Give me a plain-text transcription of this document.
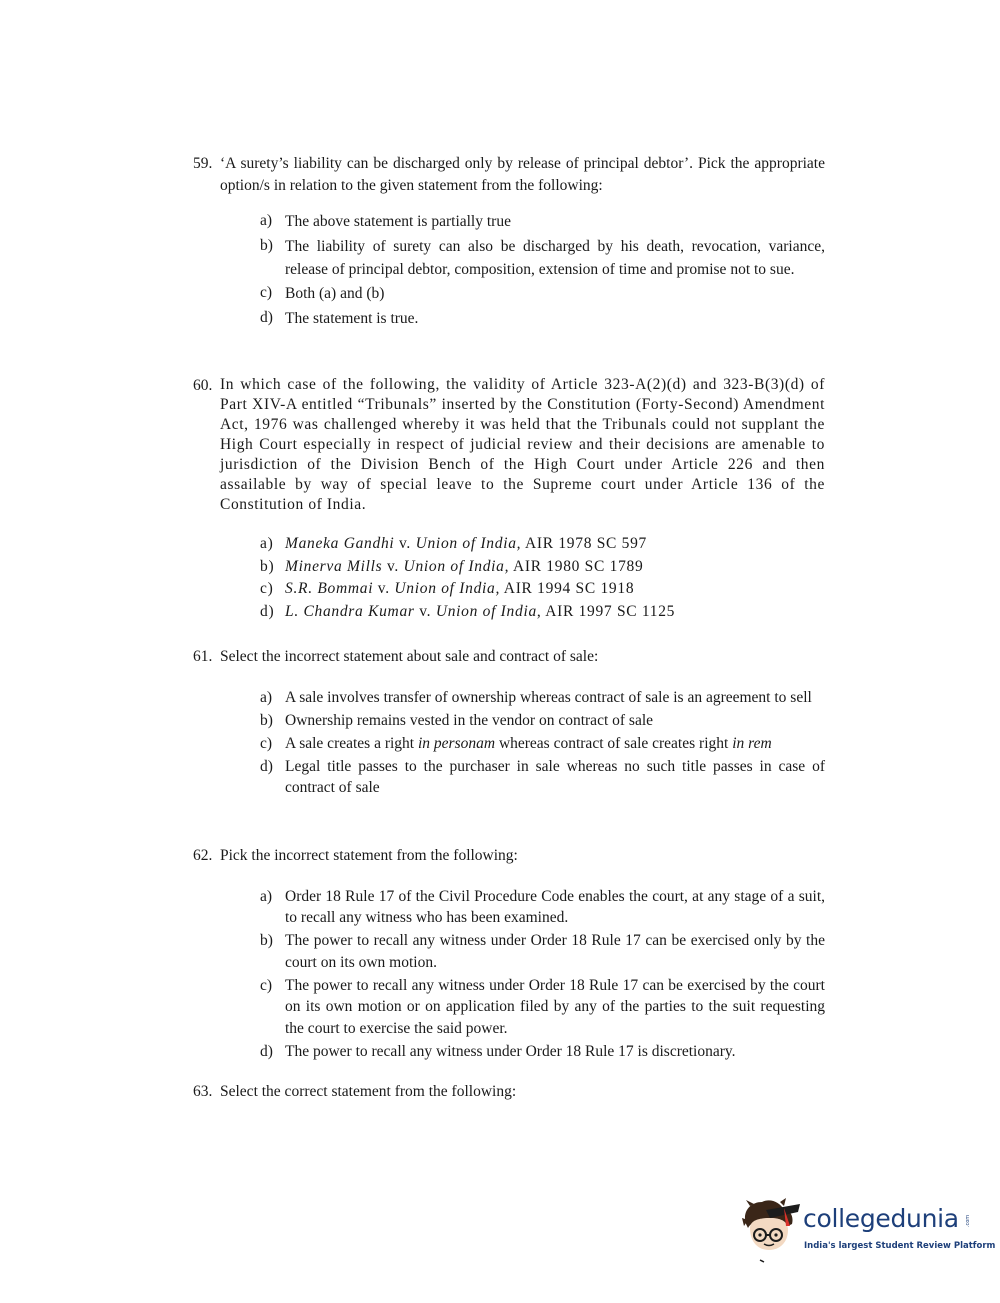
59. ‘A surety’s liability can be discharged only by release of principal debtor’. Pick the appropriate option/s in relation to the given statement from the following:
a) The above statement is partially true
b) The liability of surety can also be discharged by his death, revocation, variance, release of principal debtor, composition, extension of time and promise not to sue.
c) Both (a) and (b)
d) The statement is true.
60. In which case of the following, the validity of Article 323-A(2)(d) and 323-B(3)(d) of Part XIV-A entitled “Tribunals” inserted by the Constitution (Forty-Second) Amendment Act, 1976 was challenged whereby it was held that the Tribunals could not supplant the High Court especially in respect of judicial review and their decisions are amenable to jurisdiction of the Division Bench of the High Court under Article 226 and then assailable by way of special leave to the Supreme court under Article 136 of the Constitution of India.
a) Maneka Gandhi v. Union of India, AIR 1978 SC 597
b) Minerva Mills v. Union of India, AIR 1980 SC 1789
c) S.R. Bommai v. Union of India, AIR 1994 SC 1918
d) L. Chandra Kumar v. Union of India, AIR 1997 SC 1125
61. Select the incorrect statement about sale and contract of sale:
a) A sale involves transfer of ownership whereas contract of sale is an agreement to sell
b) Ownership remains vested in the vendor on contract of sale
c) A sale creates a right in personam whereas contract of sale creates right in rem
d) Legal title passes to the purchaser in sale whereas no such title passes in case of contract of sale
62. Pick the incorrect statement from the following:
a) Order 18 Rule 17 of the Civil Procedure Code enables the court, at any stage of a suit, to recall any witness who has been examined.
b) The power to recall any witness under Order 18 Rule 17 can be exercised only by the court on its own motion.
c) The power to recall any witness under Order 18 Rule 17 can be exercised by the court on its own motion or on application filed by any of the parties to the suit requesting the court to exercise the said power.
d) The power to recall any witness under Order 18 Rule 17 is discretionary.
63. Select the correct statement from the following:
collegedunia .com
India's largest Student Review Platform
